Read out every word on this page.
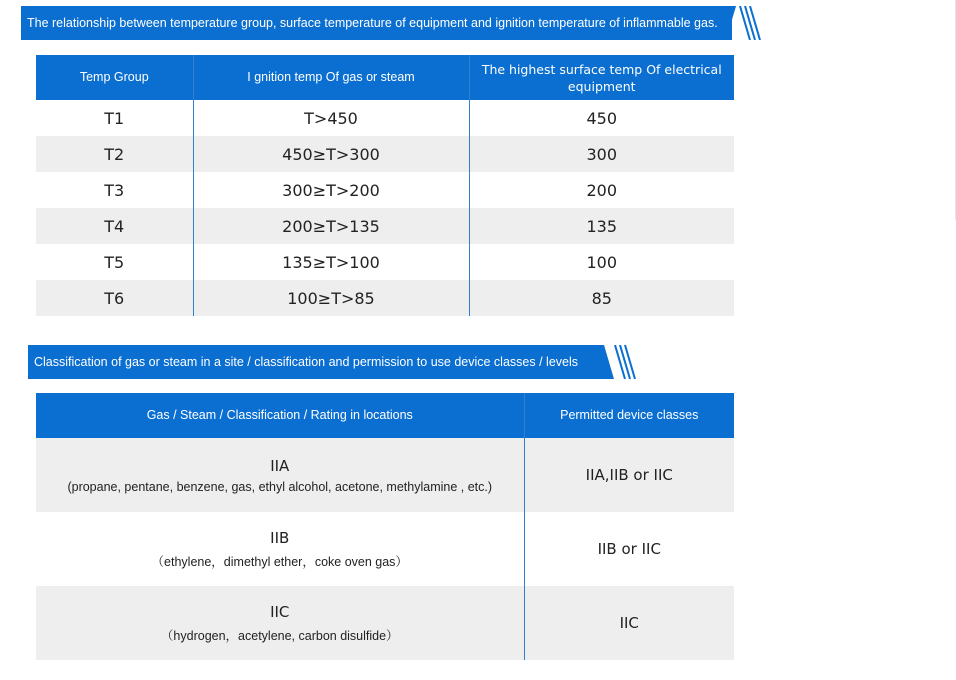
The relationship between temperature group, surface temperature of equipment and ignition temperature of inflammable gas.
Temp Group	I gnition temp Of gas or steam	The highest surface temp Of electrical equipment
T1	T>450	450
T2	450≥T>300	300
T3	300≥T>200	200
T4	200≥T>135	135
T5	135≥T>100	100
T6	100≥T>85	85
Classification of gas or steam in a site / classification and permission to use device classes / levels
Gas / Steam / Classification / Rating in locations	Permitted device classes

IIA
(propane, pentane, benzene, gas, ethyl alcohol, acetone, methylamine , etc.)	IIA,IIB or IIC

IIB
（ethylene，dimethyl ether，coke oven gas）	IIB or IIC

IIC
（hydrogen，acetylene, carbon disulfide）	IIC
